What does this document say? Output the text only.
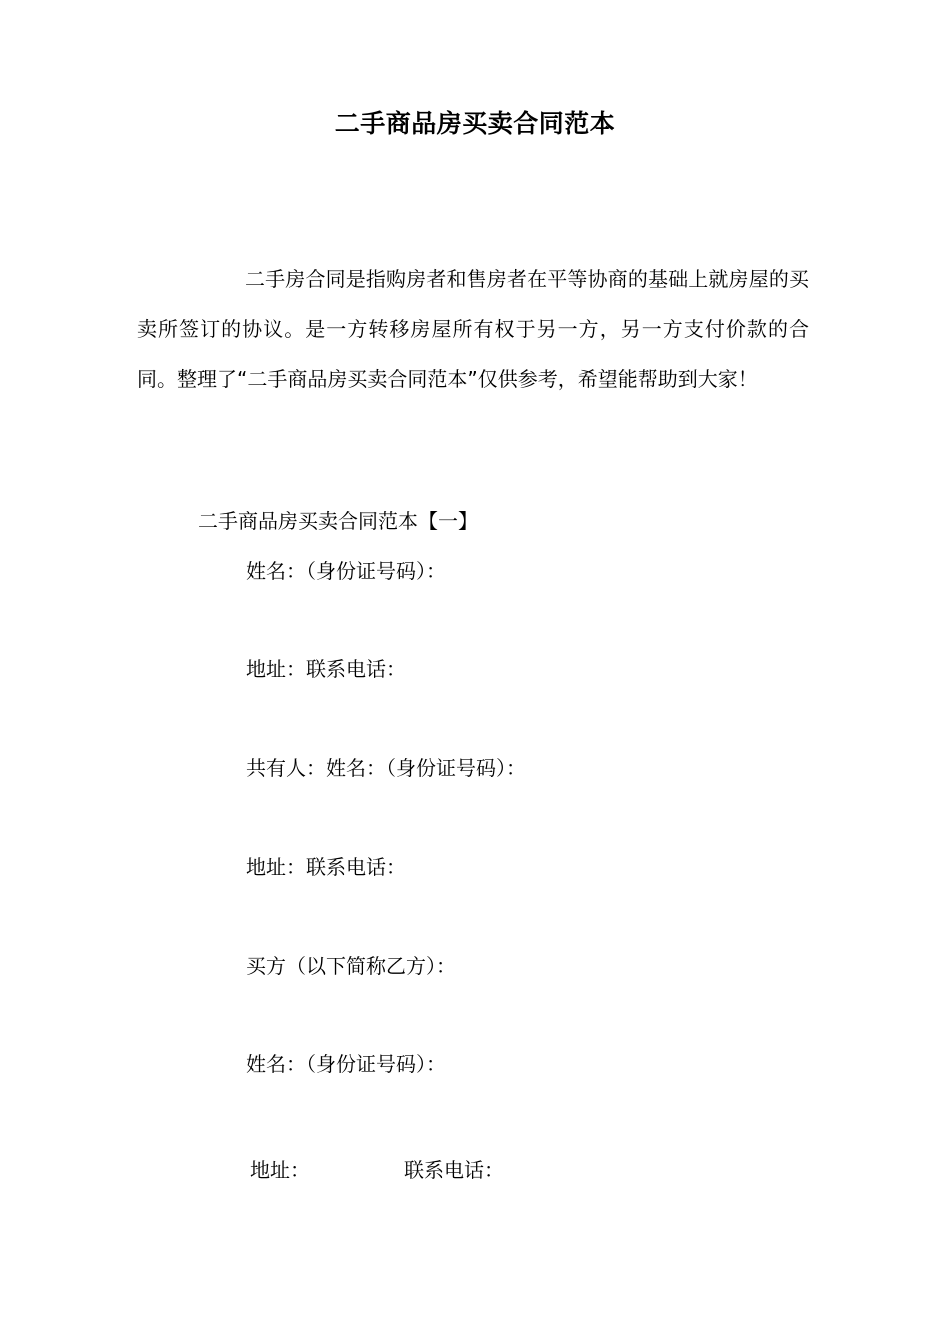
二手商品房买卖合同范本

二手房合同是指购房者和售房者在平等协商的基础上就房屋的买卖所签订的协议。是一方转移房屋所有权于另一方，另一方支付价款的合同。整理了“二手商品房买卖合同范本”仅供参考，希望能帮助到大家！

二手商品房买卖合同范本【一】
姓名：（身份证号码）：
地址：联系电话：
共有人：姓名：（身份证号码）：
地址：联系电话：
买方（以下简称乙方）：
姓名：（身份证号码）：
地址：	联系电话：
